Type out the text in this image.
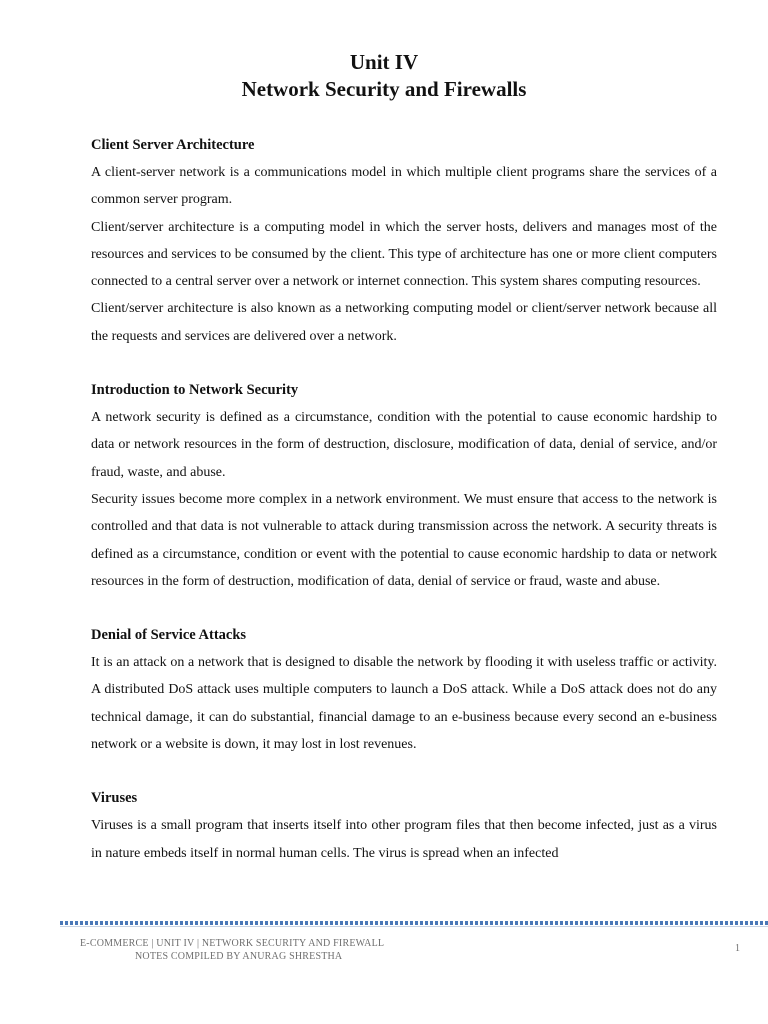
Unit IV

Network Security and Firewalls

Client Server Architecture

A client-server network is a communications model in which multiple client programs share the services of a common server program.

Client/server architecture is a computing model in which the server hosts, delivers and manages most of the resources and services to be consumed by the client. This type of architecture has one or more client computers connected to a central server over a network or internet connection. This system shares computing resources.

Client/server architecture is also known as a networking computing model or client/server network because all the requests and services are delivered over a network.

Introduction to Network Security

A network security is defined as a circumstance, condition with the potential to cause economic hardship to data or network resources in the form of destruction, disclosure, modification of data, denial of service, and/or fraud, waste, and abuse.

Security issues become more complex in a network environment. We must ensure that access to the network is controlled and that data is not vulnerable to attack during transmission across the network. A security threats is defined as a circumstance, condition or event with the potential to cause economic hardship to data or network resources in the form of destruction, modification of data, denial of service or fraud, waste and abuse.

Denial of Service Attacks

It is an attack on a network that is designed to disable the network by flooding it with useless traffic or activity. A distributed DoS attack uses multiple computers to launch a DoS attack. While a DoS attack does not do any technical damage, it can do substantial, financial damage to an e-business because every second an e-business network or a website is down, it may lost in lost revenues.

Viruses

Viruses is a small program that inserts itself into other program files that then become infected, just as a virus in nature embeds itself in normal human cells. The virus is spread when an infected

E-COMMERCE | UNIT IV | NETWORK SECURITY AND FIREWALL
NOTES COMPILED BY ANURAG SHRESTHA
1
